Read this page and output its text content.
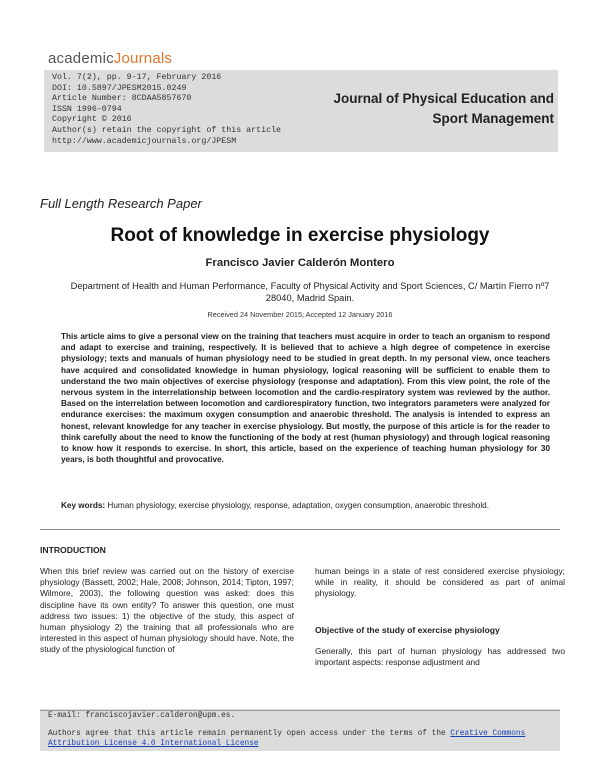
academicJournals
Vol. 7(2), pp. 9-17, February 2016
DOI: 10.5897/JPESM2015.0249
Article Number: 8CDAA5857670
ISSN 1996-0794
Copyright © 2016
Author(s) retain the copyright of this article
http://www.academicjournals.org/JPESM
Journal of Physical Education and Sport Management
Full Length Research Paper
Root of knowledge in exercise physiology
Francisco Javier Calderón Montero
Department of Health and Human Performance, Faculty of Physical Activity and Sport Sciences, C/ Martín Fierro nº7 28040, Madrid Spain.
Received 24 November 2015; Accepted 12 January 2016
This article aims to give a personal view on the training that teachers must acquire in order to teach an organism to respond and adapt to exercise and training, respectively. It is believed that to achieve a high degree of competence in exercise physiology; texts and manuals of human physiology need to be studied in great depth. In my personal view, once teachers have acquired and consolidated knowledge in human physiology, logical reasoning will be sufficient to enable them to understand the two main objectives of exercise physiology (response and adaptation). From this view point, the role of the nervous system in the interrelationship between locomotion and the cardio-respiratory system was reviewed by the author. Based on the interrelation between locomotion and cardiorespiratory function, two integrators parameters were analyzed for endurance exercises: the maximum oxygen consumption and anaerobic threshold. The analysis is intended to express an honest, relevant knowledge for any teacher in exercise physiology. But mostly, the purpose of this article is for the reader to think carefully about the need to know the functioning of the body at rest (human physiology) and through logical reasoning to know how it responds to exercise. In short, this article, based on the experience of teaching human physiology for 30 years, is both thoughtful and provocative.
Key words: Human physiology, exercise physiology, response, adaptation, oxygen consumption, anaerobic threshold.
INTRODUCTION
When this brief review was carried out on the history of exercise physiology (Bassett, 2002; Hale, 2008; Johnson, 2014; Tipton, 1997; Wilmore, 2003), the following question was asked: does this discipline have its own entity? To answer this question, one must address two issues: 1) the objective of the study, this aspect of human physiology 2) the training that all professionals who are interested in this aspect of human physiology should have. Note, the study of the physiological function of
human beings in a state of rest considered exercise physiology; while in reality, it should be considered as part of animal physiology.
Objective of the study of exercise physiology
Generally, this part of human physiology has addressed two important aspects: response adjustment and
E-mail: franciscojavier.calderon@upm.es.
Authors agree that this article remain permanently open access under the terms of the Creative Commons Attribution License 4.0 International License
